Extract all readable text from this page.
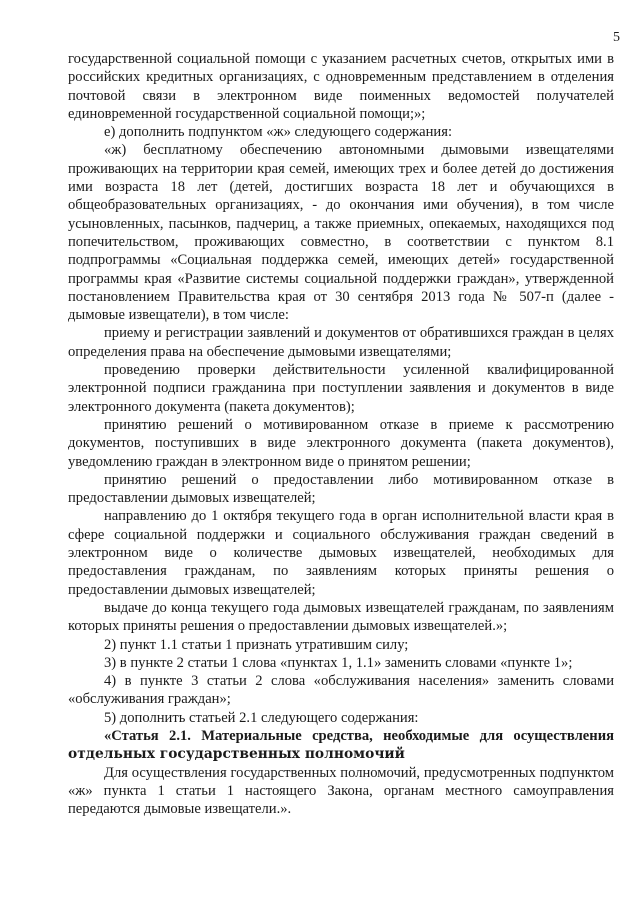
5

государственной социальной помощи с указанием расчетных счетов, открытых ими в российских кредитных организациях, с одновременным представлением в отделения почтовой связи в электронном виде поименных ведомостей получателей единовременной государственной социальной помощи;»;

е) дополнить подпунктом «ж» следующего содержания:

«ж) бесплатному обеспечению автономными дымовыми извещателями проживающих на территории края семей, имеющих трех и более детей до достижения ими возраста 18 лет (детей, достигших возраста 18 лет и обучающихся в общеобразовательных организациях, - до окончания ими обучения), в том числе усыновленных, пасынков, падчериц, а также приемных, опекаемых, находящихся под попечительством, проживающих совместно, в соответствии с пунктом 8.1 подпрограммы «Социальная поддержка семей, имеющих детей» государственной программы края «Развитие системы социальной поддержки граждан», утвержденной постановлением Правительства края от 30 сентября 2013 года № 507-п (далее - дымовые извещатели), в том числе:

приему и регистрации заявлений и документов от обратившихся граждан в целях определения права на обеспечение дымовыми извещателями;

проведению проверки действительности усиленной квалифицированной электронной подписи гражданина при поступлении заявления и документов в виде электронного документа (пакета документов);

принятию решений о мотивированном отказе в приеме к рассмотрению документов, поступивших в виде электронного документа (пакета документов), уведомлению граждан в электронном виде о принятом решении;

принятию решений о предоставлении либо мотивированном отказе в предоставлении дымовых извещателей;

направлению до 1 октября текущего года в орган исполнительной власти края в сфере социальной поддержки и социального обслуживания граждан сведений в электронном виде о количестве дымовых извещателей, необходимых для предоставления гражданам, по заявлениям которых приняты решения о предоставлении дымовых извещателей;

выдаче до конца текущего года дымовых извещателей гражданам, по заявлениям которых приняты решения о предоставлении дымовых извещателей.»;

2) пункт 1.1 статьи 1 признать утратившим силу;

3) в пункте 2 статьи 1 слова «пунктах 1, 1.1» заменить словами «пункте 1»;

4) в пункте 3 статьи 2 слова «обслуживания населения» заменить словами «обслуживания граждан»;

5) дополнить статьей 2.1 следующего содержания:

«Статья 2.1. Материальные средства, необходимые для осуществления отдельных государственных полномочий

Для осуществления государственных полномочий, предусмотренных подпунктом «ж» пункта 1 статьи 1 настоящего Закона, органам местного самоуправления передаются дымовые извещатели.».
